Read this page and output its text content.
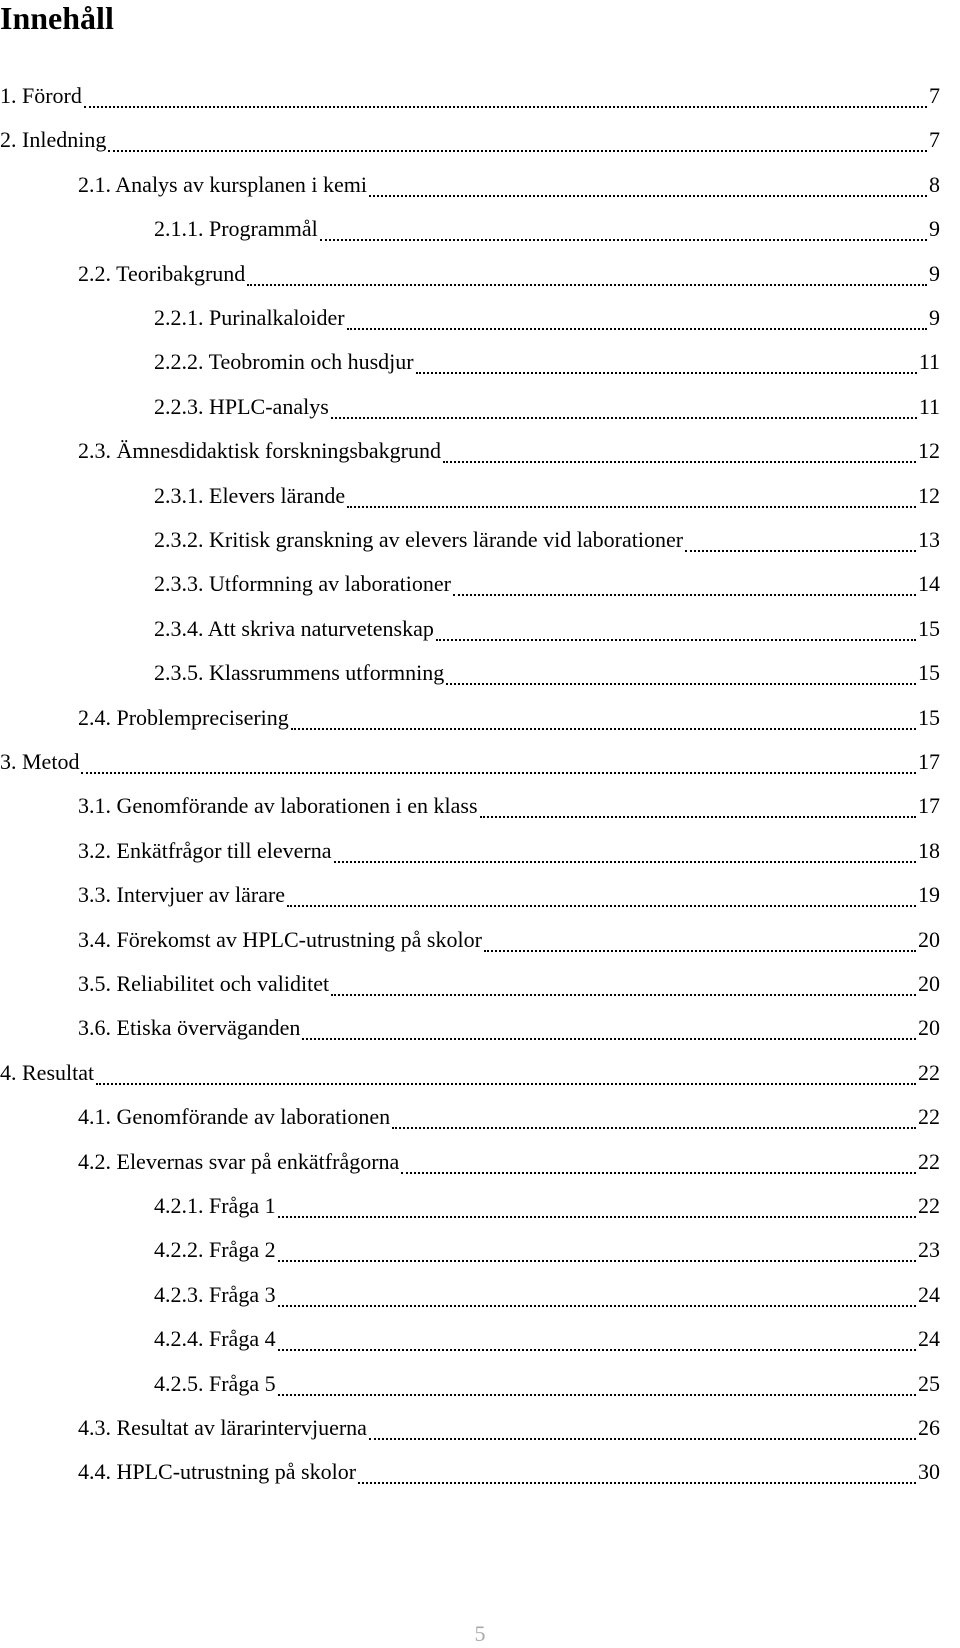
Innehåll
1. Förord	7
2. Inledning	7
2.1. Analys av kursplanen i kemi	8
2.1.1. Programmål	9
2.2. Teoribakgrund	9
2.2.1. Purinalkaloider	9
2.2.2. Teobromin och husdjur	11
2.2.3. HPLC-analys	11
2.3. Ämnesdidaktisk forskningsbakgrund	12
2.3.1. Elevers lärande	12
2.3.2. Kritisk granskning av elevers lärande vid laborationer	13
2.3.3. Utformning av laborationer	14
2.3.4. Att skriva naturvetenskap	15
2.3.5. Klassrummens utformning	15
2.4. Problemprecisering	15
3. Metod	17
3.1. Genomförande av laborationen i en klass	17
3.2. Enkätfrågor till eleverna	18
3.3. Intervjuer av lärare	19
3.4. Förekomst av HPLC-utrustning på skolor	20
3.5. Reliabilitet och validitet	20
3.6. Etiska överväganden	20
4. Resultat	22
4.1. Genomförande av laborationen	22
4.2. Elevernas svar på enkätfrågorna	22
4.2.1. Fråga 1	22
4.2.2. Fråga 2	23
4.2.3. Fråga 3	24
4.2.4. Fråga 4	24
4.2.5. Fråga 5	25
4.3. Resultat av lärarintervjuerna	26
4.4. HPLC-utrustning på skolor	30
5
